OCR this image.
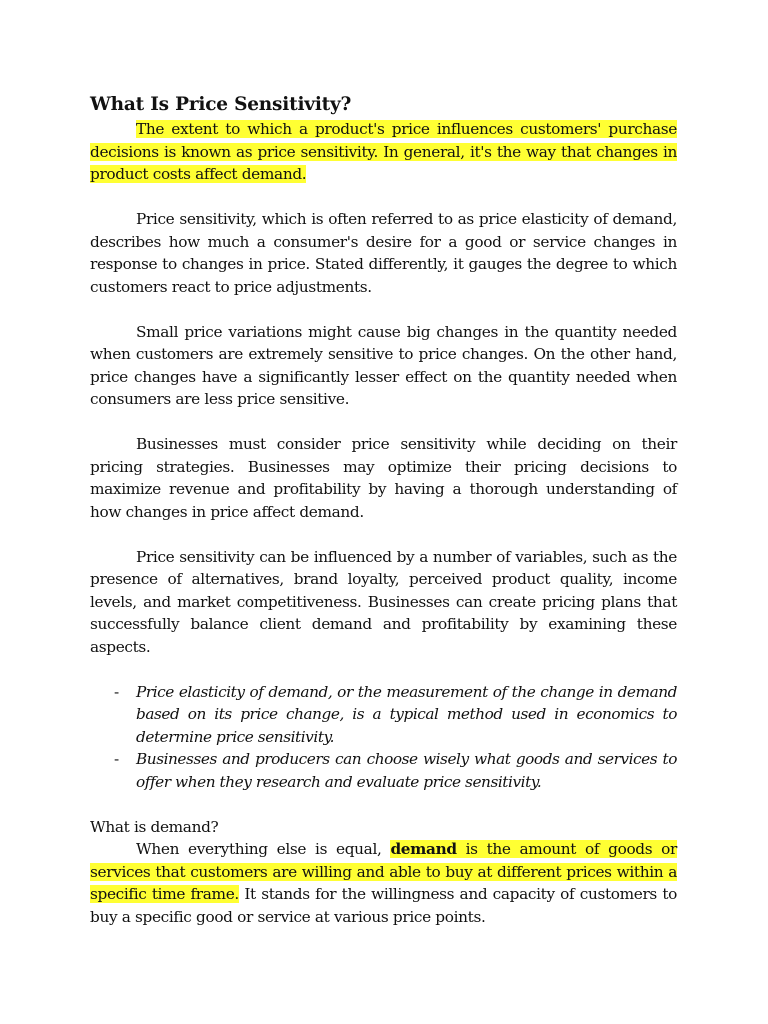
What Is Price Sensitivity?

The extent to which a product's price influences customers' purchase decisions is known as price sensitivity. In general, it's the way that changes in product costs affect demand.

Price sensitivity, which is often referred to as price elasticity of demand, describes how much a consumer's desire for a good or service changes in response to changes in price. Stated differently, it gauges the degree to which customers react to price adjustments.

Small price variations might cause big changes in the quantity needed when customers are extremely sensitive to price changes. On the other hand, price changes have a significantly lesser effect on the quantity needed when consumers are less price sensitive.

Businesses must consider price sensitivity while deciding on their pricing strategies. Businesses may optimize their pricing decisions to maximize revenue and profitability by having a thorough understanding of how changes in price affect demand.

Price sensitivity can be influenced by a number of variables, such as the presence of alternatives, brand loyalty, perceived product quality, income levels, and market competitiveness. Businesses can create pricing plans that successfully balance client demand and profitability by examining these aspects.

- Price elasticity of demand, or the measurement of the change in demand based on its price change, is a typical method used in economics to determine price sensitivity.
- Businesses and producers can choose wisely what goods and services to offer when they research and evaluate price sensitivity.

What is demand?

When everything else is equal, demand is the amount of goods or services that customers are willing and able to buy at different prices within a specific time frame. It stands for the willingness and capacity of customers to buy a specific good or service at various price points.
